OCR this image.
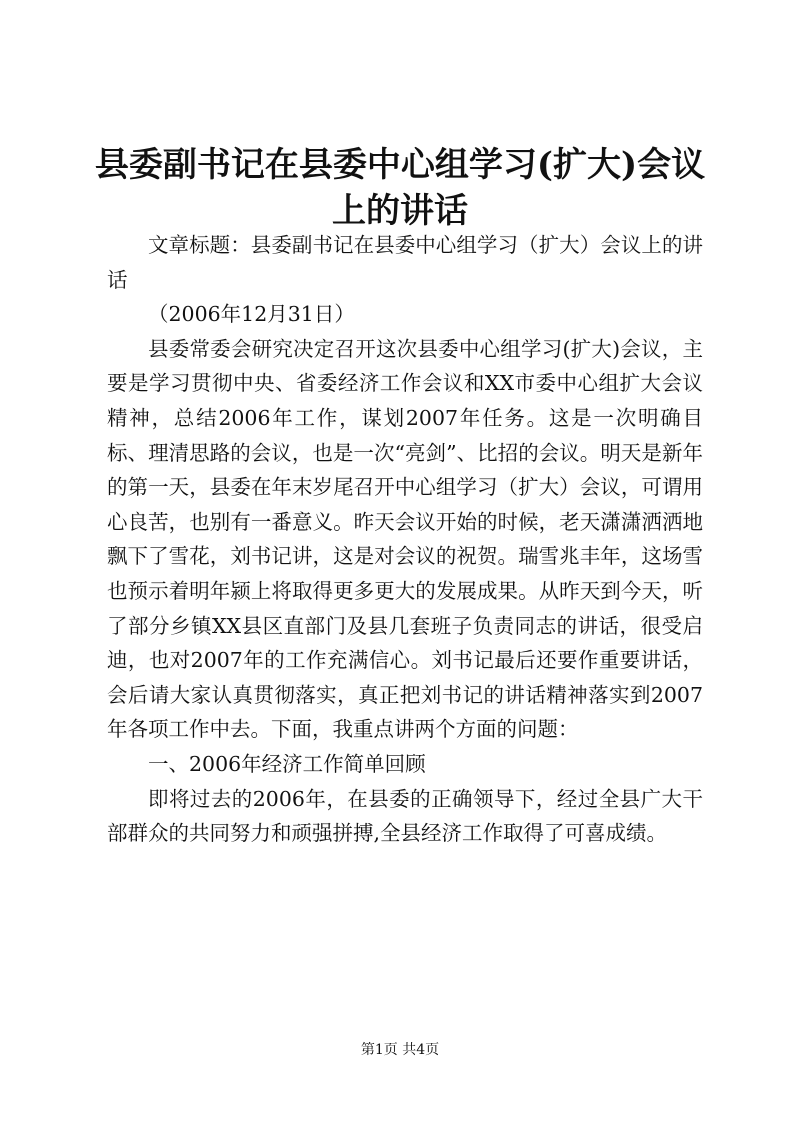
县委副书记在县委中心组学习(扩大)会议上的讲话

文章标题：县委副书记在县委中心组学习（扩大）会议上的讲话

（2006年12月31日）

县委常委会研究决定召开这次县委中心组学习(扩大)会议，主要是学习贯彻中央、省委经济工作会议和XX市委中心组扩大会议精神，总结2006年工作，谋划2007年任务。这是一次明确目标、理清思路的会议，也是一次“亮剑”、比招的会议。明天是新年的第一天，县委在年末岁尾召开中心组学习（扩大）会议，可谓用心良苦，也别有一番意义。昨天会议开始的时候，老天潇潇洒洒地飘下了雪花，刘书记讲，这是对会议的祝贺。瑞雪兆丰年，这场雪也预示着明年颍上将取得更多更大的发展成果。从昨天到今天，听了部分乡镇XX县区直部门及县几套班子负责同志的讲话，很受启迪，也对2007年的工作充满信心。刘书记最后还要作重要讲话，会后请大家认真贯彻落实，真正把刘书记的讲话精神落实到2007年各项工作中去。下面，我重点讲两个方面的问题：

一、2006年经济工作简单回顾

即将过去的2006年，在县委的正确领导下，经过全县广大干部群众的共同努力和顽强拼搏,全县经济工作取得了可喜成绩。

第1页 共4页
